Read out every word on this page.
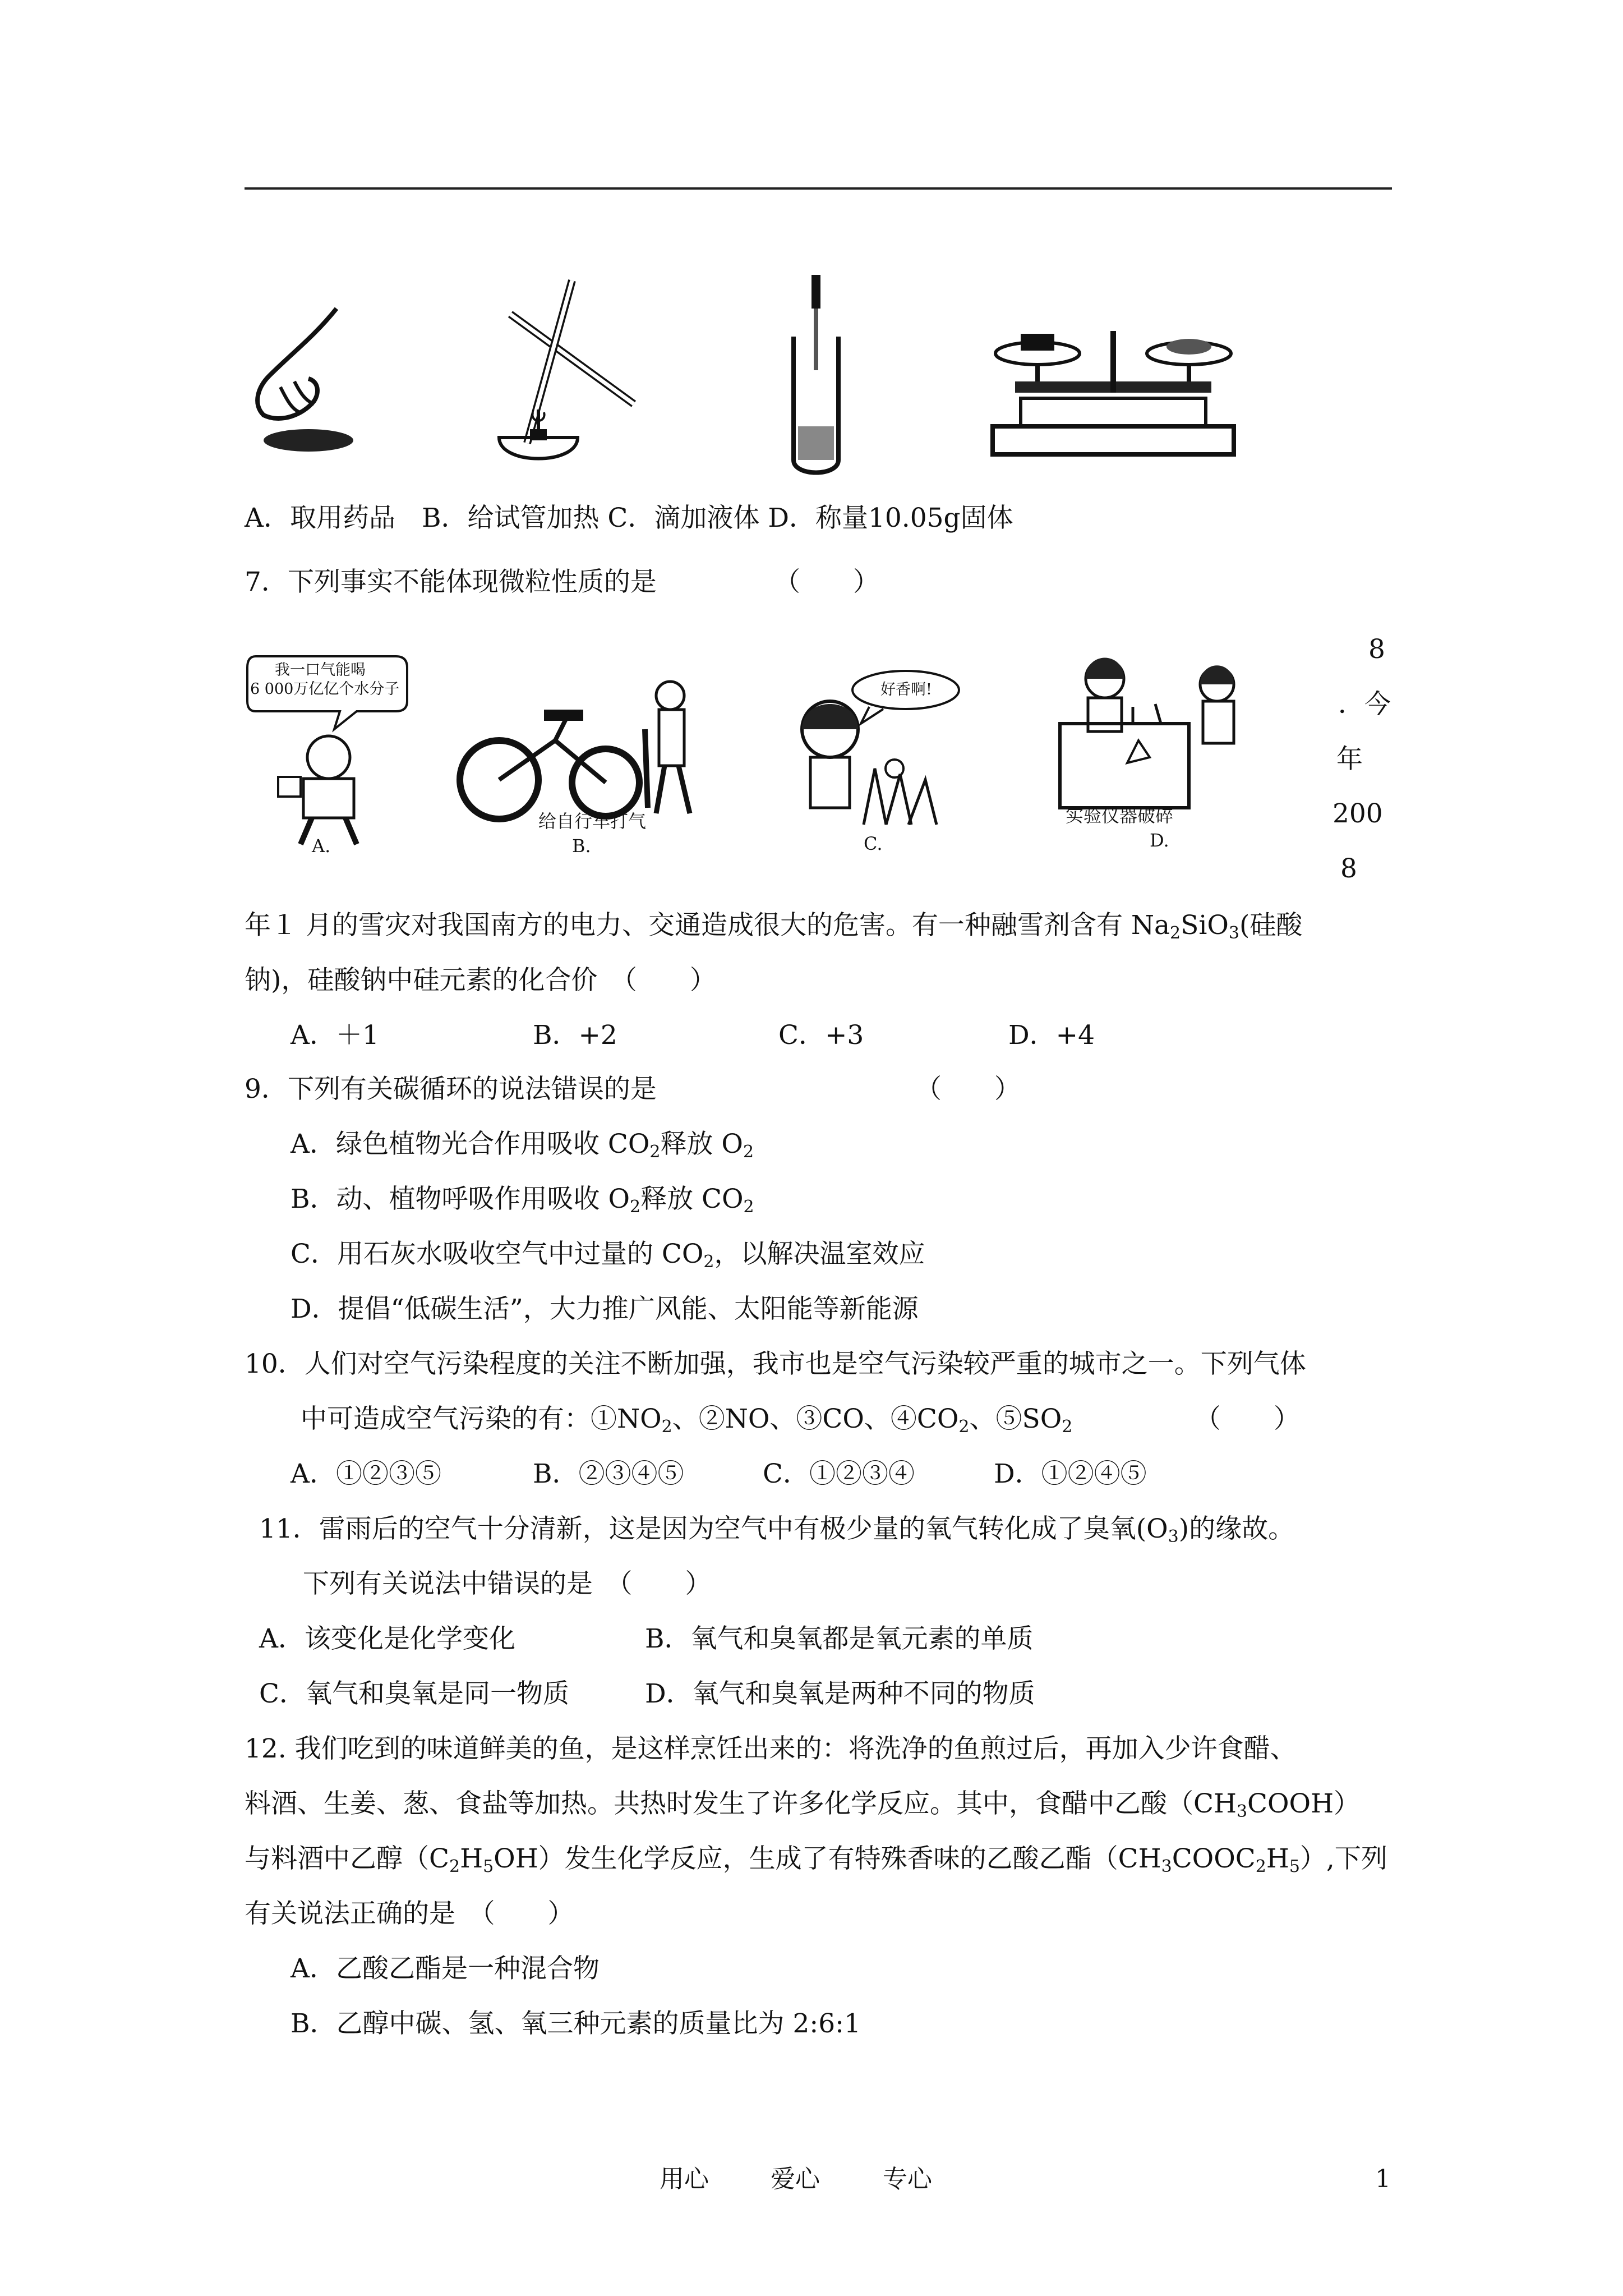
A．取用药品　B．给试管加热 C．滴加液体 D．称量10.05g固体
7．下列事实不能体现微粒性质的是	（　　）
我一口气能喝
6 000万亿亿个水分子
A.
给自行车打气
B.
好香啊!
C.
实验仪器破碎
D.
8
．今
年
200
8
年１ 月的雪灾对我国南方的电力、交通造成很大的危害。有一种融雪剂含有 $Na_2SiO_3$(硅酸
钠)，硅酸钠中硅元素的化合价　（　　）
A．＋1	B．+2	C．+3	D．+4
9．下列有关碳循环的说法错误的是	（　　）
A．绿色植物光合作用吸收 $CO_2$释放 $O_2$
B．动、植物呼吸作用吸收 $O_2$释放 $CO_2$
C．用石灰水吸收空气中过量的 $CO_2$，以解决温室效应
D．提倡“低碳生活”，大力推广风能、太阳能等新能源
10．人们对空气污染程度的关注不断加强，我市也是空气污染较严重的城市之一。下列气体
中可造成空气污染的有：$①NO_2$、②NO、③CO、$④CO_2$、$⑤SO_2$	（　　）
A．①②③⑤	B．②③④⑤	C．①②③④	D．①②④⑤
11．雷雨后的空气十分清新，这是因为空气中有极少量的氧气转化成了臭氧$(O_3)$的缘故。
下列有关说法中错误的是　（　　）
A．该变化是化学变化	B．氧气和臭氧都是氧元素的单质
C．氧气和臭氧是同一物质	D．氧气和臭氧是两种不同的物质
12. 我们吃到的味道鲜美的鱼，是这样烹饪出来的：将洗净的鱼煎过后，再加入少许食醋、
料酒、生姜、葱、食盐等加热。共热时发生了许多化学反应。其中，食醋中乙酸$(CH_3COOH)$
与料酒中乙醇$(C_2H_5OH)$发生化学反应，生成了有特殊香味的乙酸乙酯$(CH_3COOC_2H_5)$,下列
有关说法正确的是　（　　）
A．乙酸乙酯是一种混合物
B．乙醇中碳、氢、氧三种元素的质量比为 2:6:1
用心	爱心	专心	1
